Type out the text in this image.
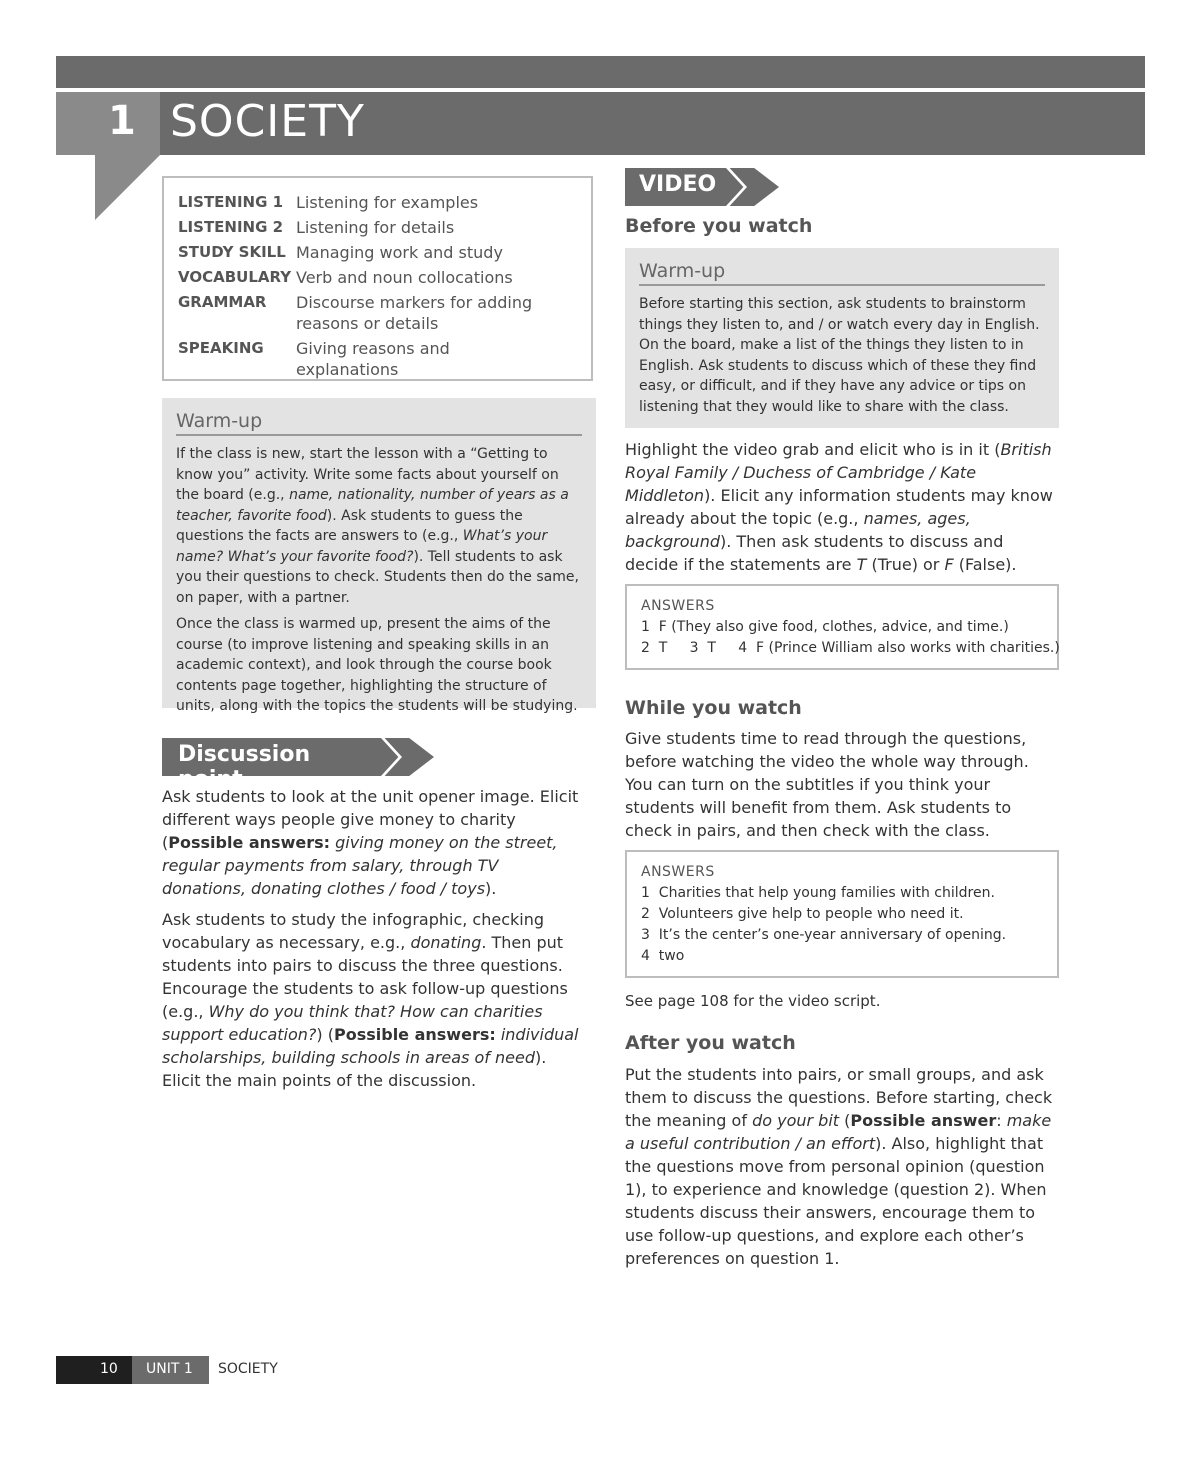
1 SOCIETY
LISTENING 1	Listening for examples
LISTENING 2	Listening for details
STUDY SKILL	Managing work and study
VOCABULARY	Verb and noun collocations
GRAMMAR	Discourse markers for adding reasons or details
SPEAKING	Giving reasons and explanations
Warm-up

If the class is new, start the lesson with a “Getting to know you” activity. Write some facts about yourself on the board (e.g., name, nationality, number of years as a teacher, favorite food). Ask students to guess the questions the facts are answers to (e.g., What’s your name? What’s your favorite food?). Tell students to ask you their questions to check. Students then do the same, on paper, with a partner.

Once the class is warmed up, present the aims of the course (to improve listening and speaking skills in an academic context), and look through the course book contents page together, highlighting the structure of units, along with the topics the students will be studying.

Discussion point

Ask students to look at the unit opener image. Elicit different ways people give money to charity (Possible answers: giving money on the street, regular payments from salary, through TV donations, donating clothes / food / toys).

Ask students to study the infographic, checking vocabulary as necessary, e.g., donating. Then put students into pairs to discuss the three questions. Encourage the students to ask follow-up questions (e.g., Why do you think that? How can charities support education?) (Possible answers: individual scholarships, building schools in areas of need). Elicit the main points of the discussion.

VIDEO
Before you watch
Warm-up

Before starting this section, ask students to brainstorm things they listen to, and / or watch every day in English. On the board, make a list of the things they listen to in English. Ask students to discuss which of these they find easy, or difficult, and if they have any advice or tips on listening that they would like to share with the class.

Highlight the video grab and elicit who is in it (British Royal Family / Duchess of Cambridge / Kate Middleton). Elicit any information students may know already about the topic (e.g., names, ages, background). Then ask students to discuss and decide if the statements are T (True) or F (False).
ANSWERS
1  F (They also give food, clothes, advice, and time.)
2  T     3  T     4  F (Prince William also works with charities.)
While you watch
Give students time to read through the questions, before watching the video the whole way through. You can turn on the subtitles if you think your students will benefit from them. Ask students to check in pairs, and then check with the class.
ANSWERS
1  Charities that help young families with children.
2  Volunteers give help to people who need it.
3  It’s the center’s one-year anniversary of opening.
4  two
See page 108 for the video script.
After you watch
Put the students into pairs, or small groups, and ask them to discuss the questions. Before starting, check the meaning of do your bit (Possible answer: make a useful contribution / an effort). Also, highlight that the questions move from personal opinion (question 1), to experience and knowledge (question 2). When students discuss their answers, encourage them to use follow-up questions, and explore each other’s preferences on question 1.
10 UNIT 1 SOCIETY
